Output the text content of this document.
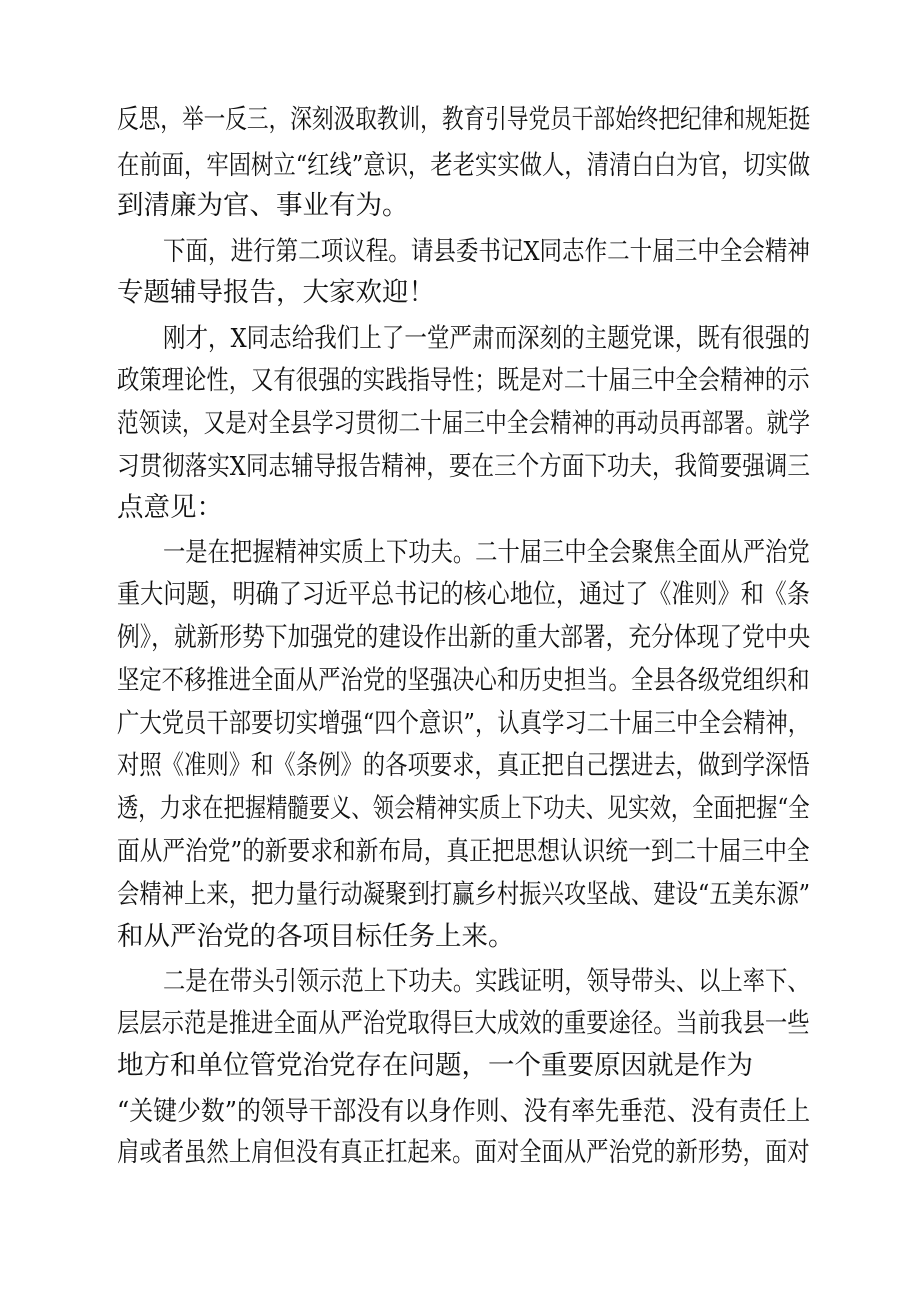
反思，举一反三，深刻汲取教训，教育引导党员干部始终把纪律和规矩挺
在前面，牢固树立“红线”意识，老老实实做人，清清白白为官，切实做
到清廉为官、事业有为。
下面，进行第二项议程。请县委书记X同志作二十届三中全会精神
专题辅导报告，大家欢迎！
刚才，X同志给我们上了一堂严肃而深刻的主题党课，既有很强的
政策理论性，又有很强的实践指导性；既是对二十届三中全会精神的示
范领读，又是对全县学习贯彻二十届三中全会精神的再动员再部署。就学
习贯彻落实X同志辅导报告精神，要在三个方面下功夫，我简要强调三
点意见：
一是在把握精神实质上下功夫。二十届三中全会聚焦全面从严治党
重大问题，明确了习近平总书记的核心地位，通过了《准则》和《条
例》，就新形势下加强党的建设作出新的重大部署，充分体现了党中央
坚定不移推进全面从严治党的坚强决心和历史担当。全县各级党组织和
广大党员干部要切实增强“四个意识”，认真学习二十届三中全会精神，
对照《准则》和《条例》的各项要求，真正把自己摆进去，做到学深悟
透，力求在把握精髓要义、领会精神实质上下功夫、见实效，全面把握“全
面从严治党”的新要求和新布局，真正把思想认识统一到二十届三中全
会精神上来，把力量行动凝聚到打赢乡村振兴攻坚战、建设“五美东源”
和从严治党的各项目标任务上来。
二是在带头引领示范上下功夫。实践证明，领导带头、以上率下、
层层示范是推进全面从严治党取得巨大成效的重要途径。当前我县一些
地方和单位管党治党存在问题，一个重要原因就是作为
“关键少数”的领导干部没有以身作则、没有率先垂范、没有责任上
肩或者虽然上肩但没有真正扛起来。面对全面从严治党的新形势，面对
